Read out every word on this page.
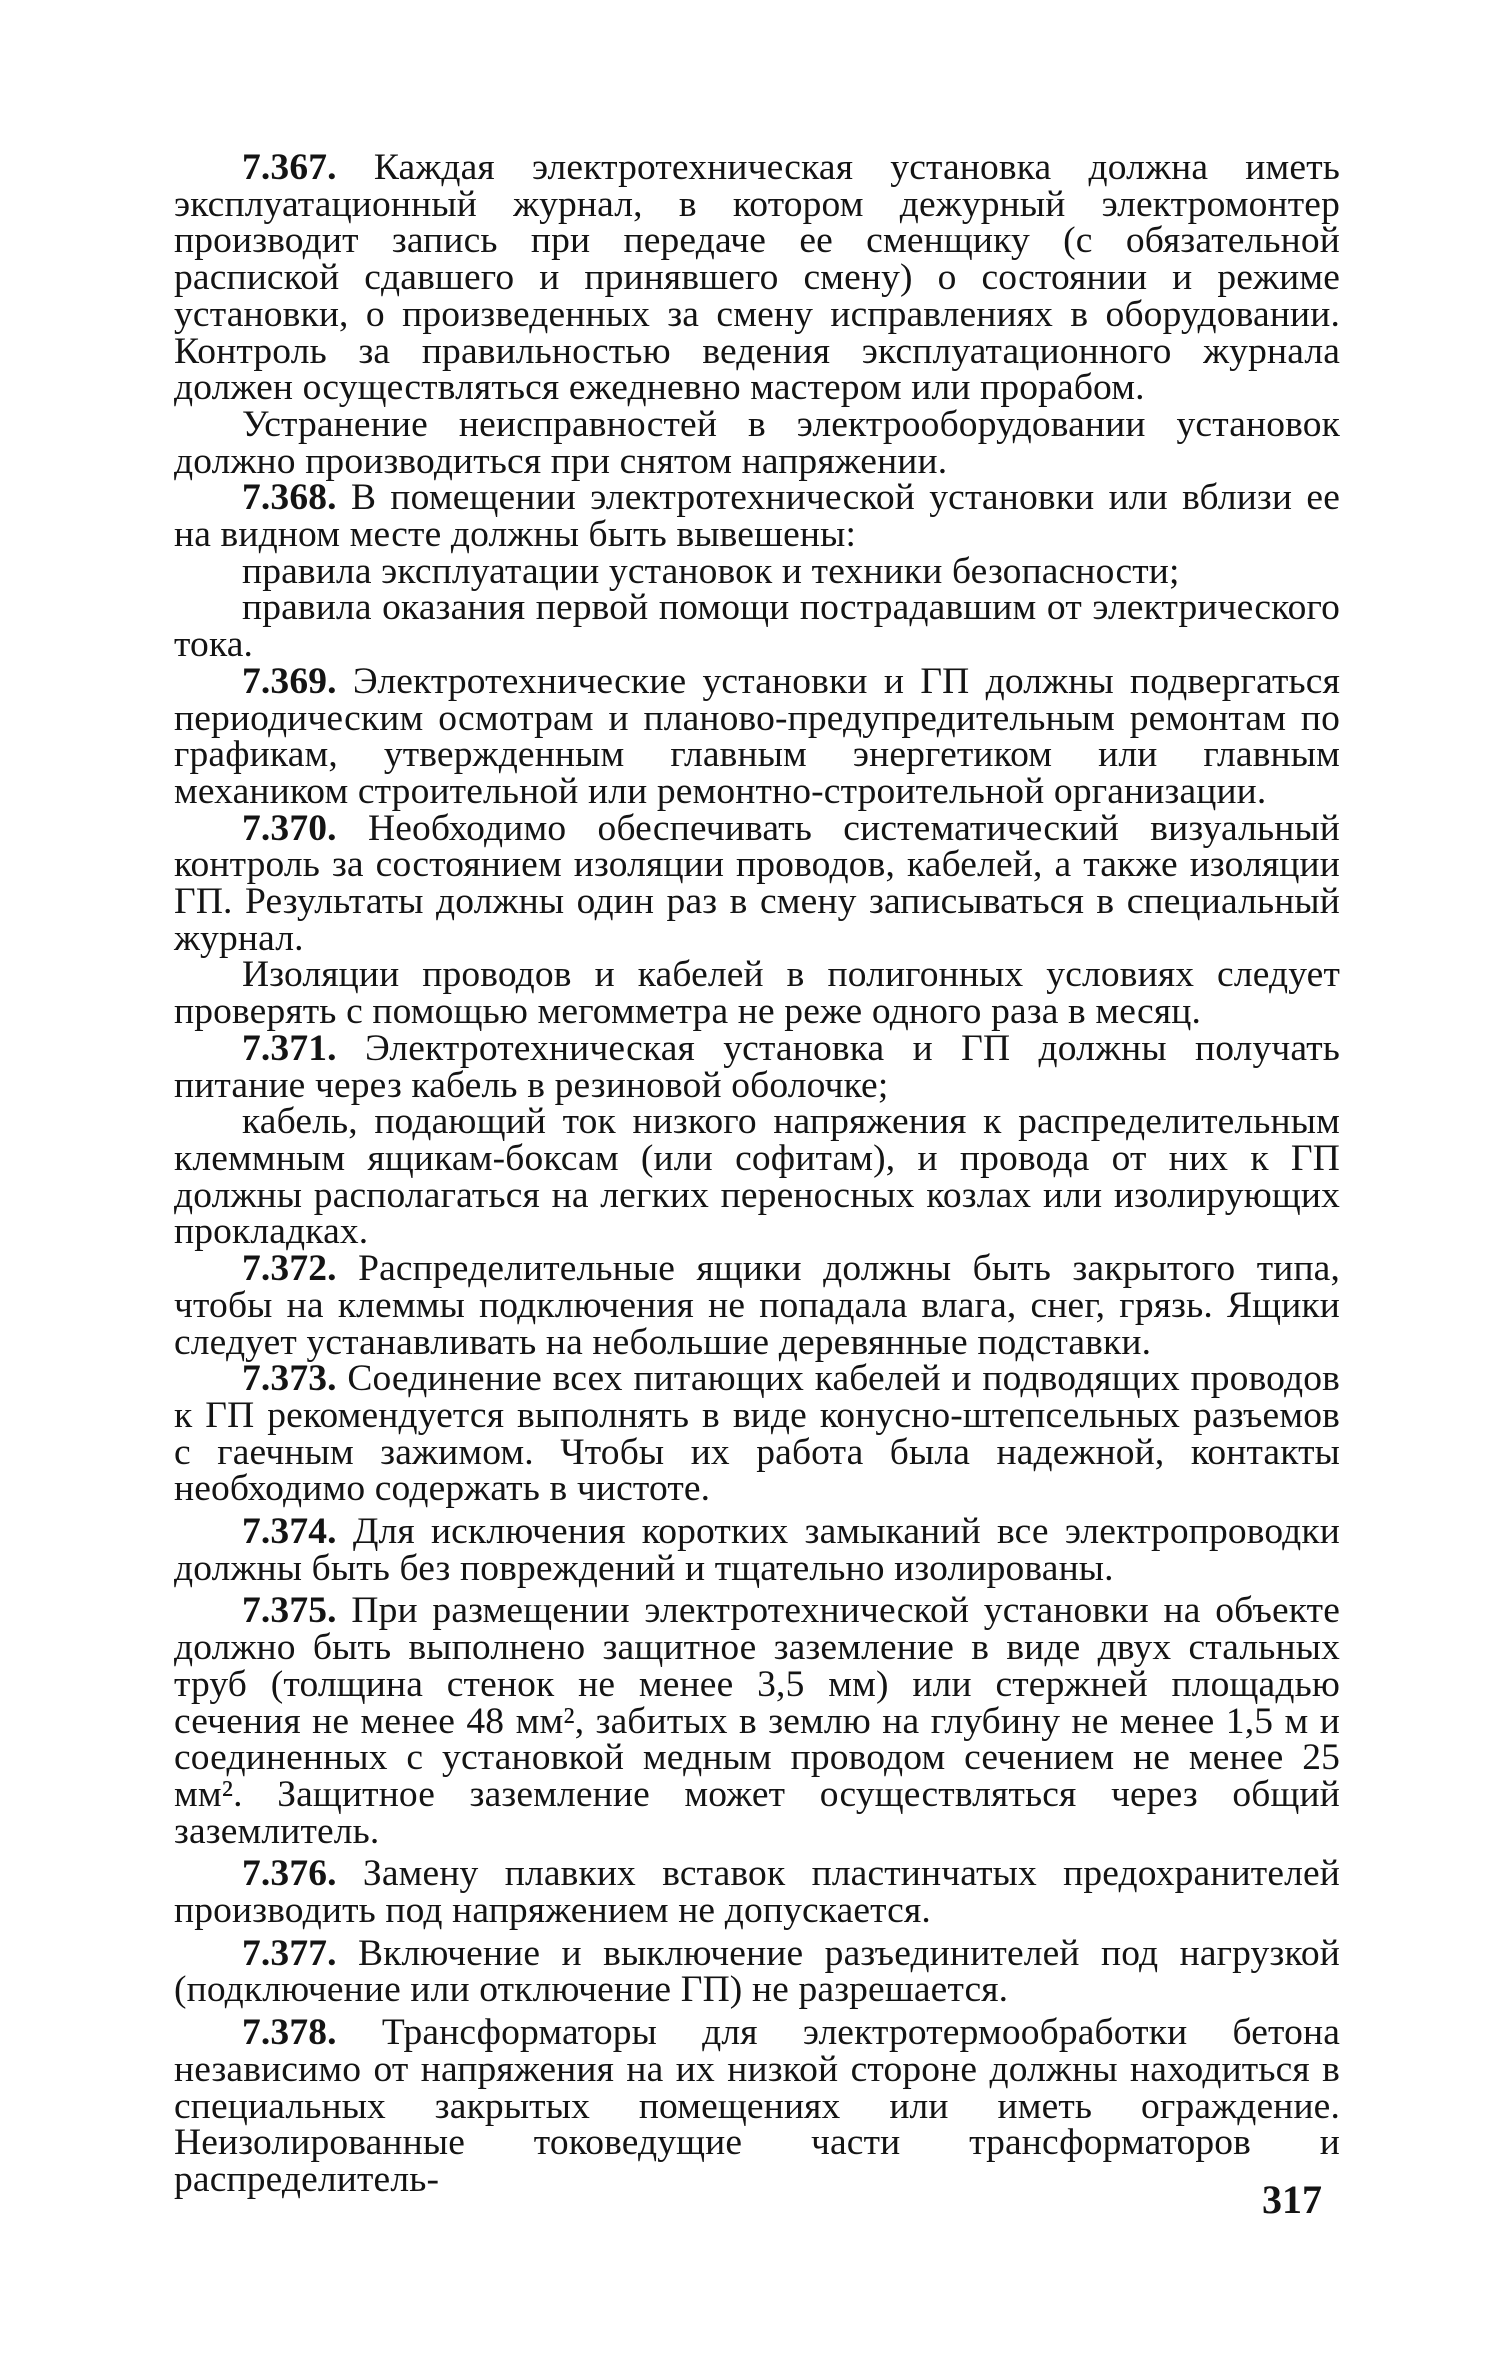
7.367. Каждая электротехническая установка должна иметь эксплуатационный журнал, в котором дежурный электромонтер производит запись при передаче ее сменщику (с обязательной распиской сдавшего и принявшего смену) о состоянии и режиме установки, о произведенных за смену исправлениях в оборудовании. Контроль за правильностью ведения эксплуатационного журнала должен осуществляться ежедневно мастером или прорабом.

Устранение неисправностей в электрооборудовании установок должно производиться при снятом напряжении.

7.368. В помещении электротехнической установки или вблизи ее на видном месте должны быть вывешены:

правила эксплуатации установок и техники безопасности;

правила оказания первой помощи пострадавшим от электрического тока.

7.369. Электротехнические установки и ГП должны подвергаться периодическим осмотрам и планово-предупредительным ремонтам по графикам, утвержденным главным энергетиком или главным механиком строительной или ремонтно-строительной организации.

7.370. Необходимо обеспечивать систематический визуальный контроль за состоянием изоляции проводов, кабелей, а также изоляции ГП. Результаты должны один раз в смену записываться в специальный журнал.

Изоляции проводов и кабелей в полигонных условиях следует проверять с помощью мегомметра не реже одного раза в месяц.

7.371. Электротехническая установка и ГП должны получать питание через кабель в резиновой оболочке;

кабель, подающий ток низкого напряжения к распределительным клеммным ящикам-боксам (или софитам), и провода от них к ГП должны располагаться на легких переносных козлах или изолирующих прокладках.

7.372. Распределительные ящики должны быть закрытого типа, чтобы на клеммы подключения не попадала влага, снег, грязь. Ящики следует устанавливать на небольшие деревянные подставки.

7.373. Соединение всех питающих кабелей и подводящих проводов к ГП рекомендуется выполнять в виде конусно-штепсельных разъемов с гаечным зажимом. Чтобы их работа была надежной, контакты необходимо содержать в чистоте.

7.374. Для исключения коротких замыканий все электропроводки должны быть без повреждений и тщательно изолированы.

7.375. При размещении электротехнической установки на объекте должно быть выполнено защитное заземление в виде двух стальных труб (толщина стенок не менее 3,5 мм) или стержней площадью сечения не менее 48 мм², забитых в землю на глубину не менее 1,5 м и соединенных с установкой медным проводом сечением не менее 25 мм². Защитное заземление может осуществляться через общий заземлитель.

7.376. Замену плавких вставок пластинчатых предохранителей производить под напряжением не допускается.

7.377. Включение и выключение разъединителей под нагрузкой (подключение или отключение ГП) не разрешается.

7.378. Трансформаторы для электротермообработки бетона независимо от напряжения на их низкой стороне должны находиться в специальных закрытых помещениях или иметь ограждение. Неизолированные токоведущие части трансформаторов и распределитель-	317
